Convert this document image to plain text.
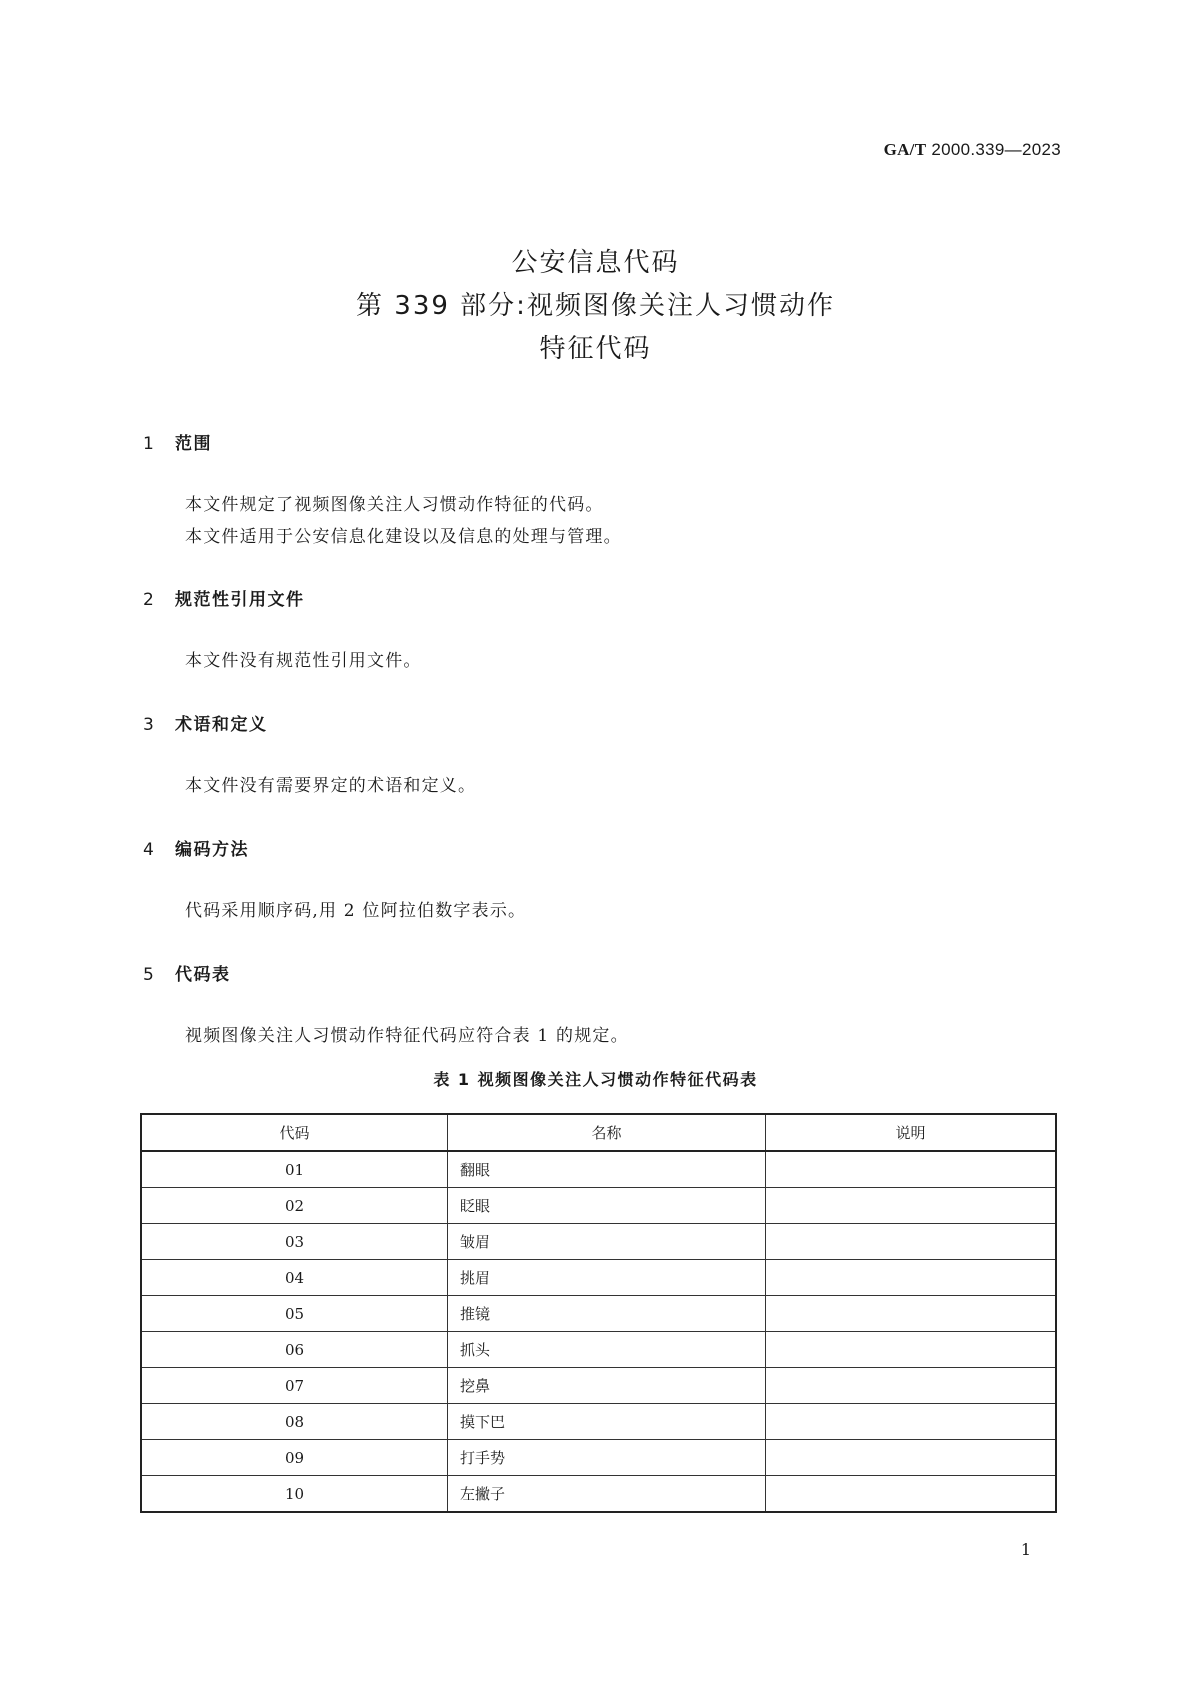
GA/T 2000.339—2023
公安信息代码
第 339 部分:视频图像关注人习惯动作
特征代码
1 范围
本文件规定了视频图像关注人习惯动作特征的代码。
本文件适用于公安信息化建设以及信息的处理与管理。
2 规范性引用文件
本文件没有规范性引用文件。
3 术语和定义
本文件没有需要界定的术语和定义。
4 编码方法
代码采用顺序码,用 2 位阿拉伯数字表示。
5 代码表
视频图像关注人习惯动作特征代码应符合表 1 的规定。
表 1 视频图像关注人习惯动作特征代码表
代码	名称	说明
01	翻眼	
02	眨眼	
03	皱眉	
04	挑眉	
05	推镜	
06	抓头	
07	挖鼻	
08	摸下巴	
09	打手势	
10	左撇子	
1
